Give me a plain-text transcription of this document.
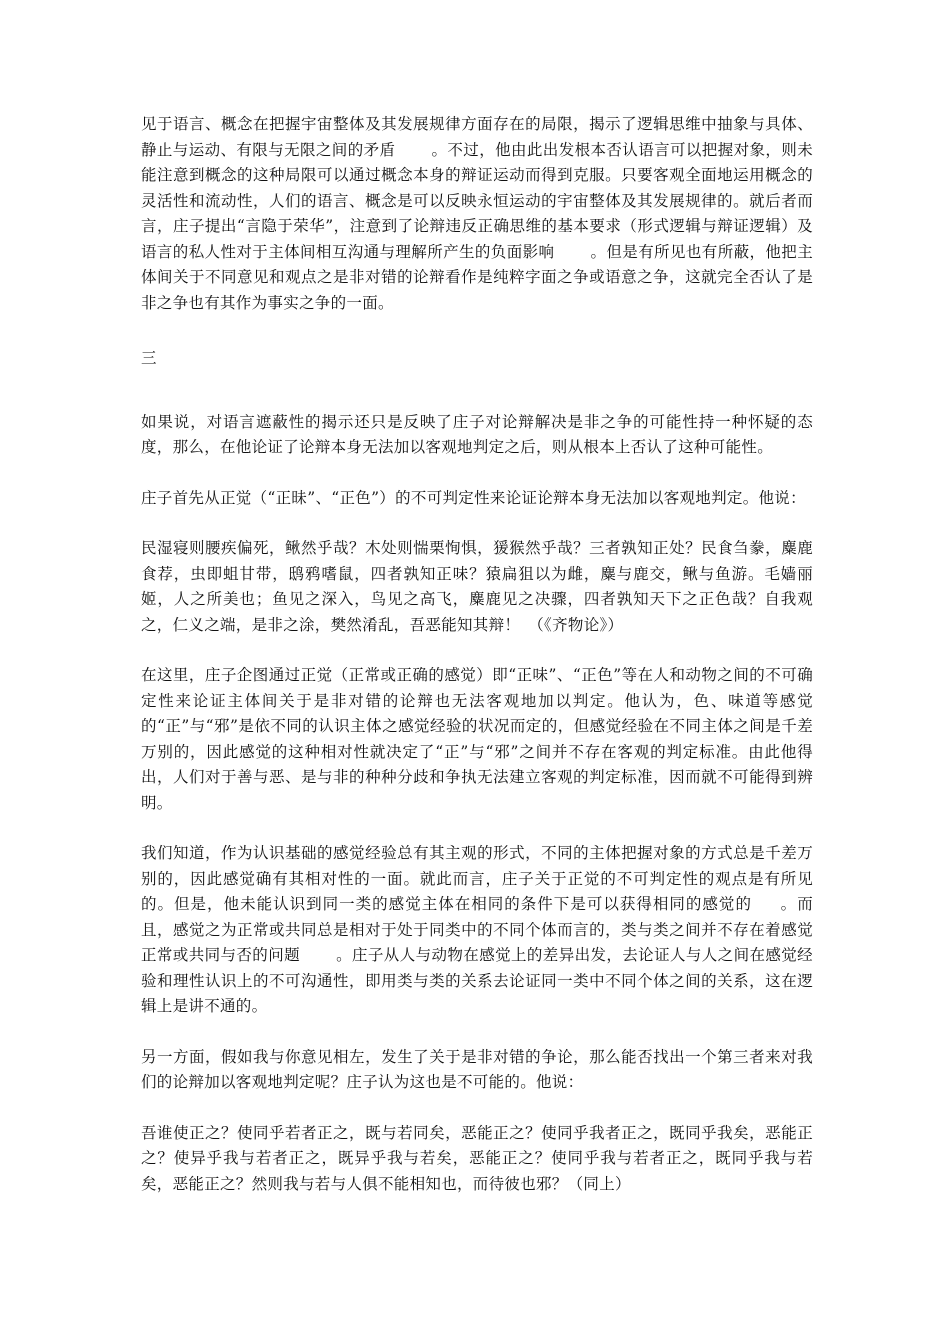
见于语言、概念在把握宇宙整体及其发展规律方面存在的局限，揭示了逻辑思维中抽象与具体、静止与运动、有限与无限之间的矛盾 。不过，他由此出发根本否认语言可以把握对象，则未能注意到概念的这种局限可以通过概念本身的辩证运动而得到克服。只要客观全面地运用概念的灵活性和流动性，人们的语言、概念是可以反映永恒运动的宇宙整体及其发展规律的。就后者而言，庄子提出“言隐于荣华”，注意到了论辩违反正确思维的基本要求（形式逻辑与辩证逻辑）及语言的私人性对于主体间相互沟通与理解所产生的负面影响 。但是有所见也有所蔽，他把主体间关于不同意见和观点之是非对错的论辩看作是纯粹字面之争或语意之争，这就完全否认了是非之争也有其作为事实之争的一面。

三

如果说，对语言遮蔽性的揭示还只是反映了庄子对论辩解决是非之争的可能性持一种怀疑的态度，那么，在他论证了论辩本身无法加以客观地判定之后，则从根本上否认了这种可能性。

庄子首先从正觉（“正昧”、“正色”）的不可判定性来论证论辩本身无法加以客观地判定。他说：

民湿寝则腰疾偏死，鳅然乎哉？木处则惴栗恂惧，猨猴然乎哉？三者孰知正处？民食刍豢，麋鹿食荐，虫即蛆甘带，鸱鸦嗜鼠，四者孰知正味？猿扁狙以为雌，麋与鹿交，鳅与鱼游。毛嫱丽姬，人之所美也；鱼见之深入，鸟见之高飞，麋鹿见之决骤，四者孰知天下之正色哉？自我观之，仁义之端，是非之涂，樊然淆乱，吾恶能知其辩！　（《齐物论》）

在这里，庄子企图通过正觉（正常或正确的感觉）即“正味”、“正色”等在人和动物之间的不可确定性来论证主体间关于是非对错的论辩也无法客观地加以判定。他认为，色、味道等感觉的“正”与“邪”是依不同的认识主体之感觉经验的状况而定的，但感觉经验在不同主体之间是千差万别的，因此感觉的这种相对性就决定了“正”与“邪”之间并不存在客观的判定标准。由此他得出，人们对于善与恶、是与非的种种分歧和争执无法建立客观的判定标准，因而就不可能得到辨明。

我们知道，作为认识基础的感觉经验总有其主观的形式，不同的主体把握对象的方式总是千差万别的，因此感觉确有其相对性的一面。就此而言，庄子关于正觉的不可判定性的观点是有所见的。但是，他未能认识到同一类的感觉主体在相同的条件下是可以获得相同的感觉的 。而且，感觉之为正常或共同总是相对于处于同类中的不同个体而言的，类与类之间并不存在着感觉正常或共同与否的问题 。庄子从人与动物在感觉上的差异出发，去论证人与人之间在感觉经验和理性认识上的不可沟通性，即用类与类的关系去论证同一类中不同个体之间的关系，这在逻辑上是讲不通的。

另一方面，假如我与你意见相左，发生了关于是非对错的争论，那么能否找出一个第三者来对我们的论辩加以客观地判定呢？庄子认为这也是不可能的。他说：

吾谁使正之？使同乎若者正之，既与若同矣，恶能正之？使同乎我者正之，既同乎我矣，恶能正之？使异乎我与若者正之，既异乎我与若矣，恶能正之？使同乎我与若者正之，既同乎我与若矣，恶能正之？然则我与若与人俱不能相知也，而待彼也邪？（同上）
